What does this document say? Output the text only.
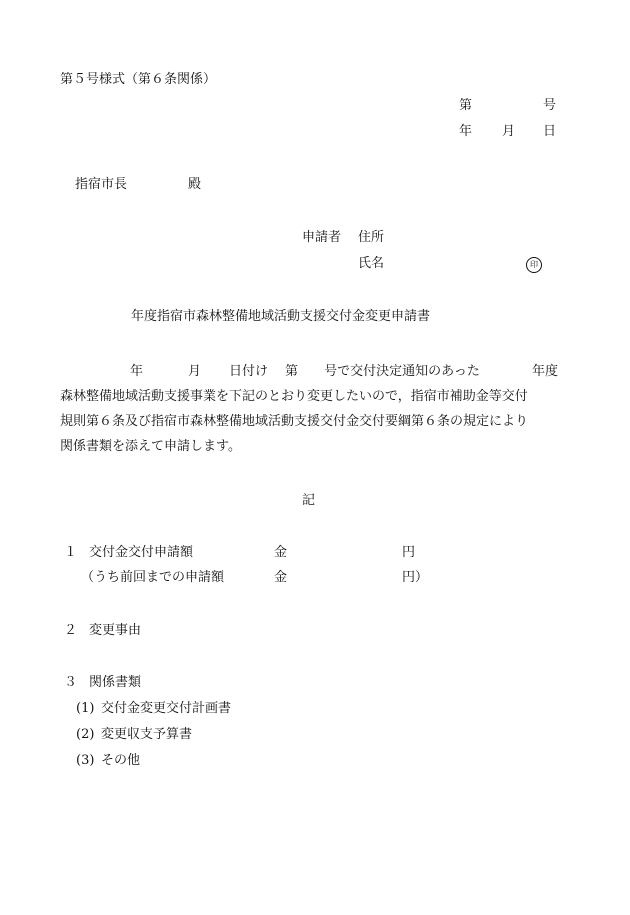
第５号様式（第６条関係）
第	号
年 月 日
指宿市長	殿
申請者 住所
氏名	印
年度指宿市森林整備地域活動支援交付金変更申請書
年	月 日付け 第 号で交付決定通知のあった	年度
森林整備地域活動支援事業を下記のとおり変更したいので，指宿市補助金等交付
規則第６条及び指宿市森林整備地域活動支援交付金交付要綱第６条の規定により
関係書類を添えて申請します。
記
１ 交付金交付申請額	金	円
（うち前回までの申請額	金	円）
２ 変更事由
３ 関係書類
(1) 交付金変更交付計画書
(2) 変更収支予算書
(3) その他
